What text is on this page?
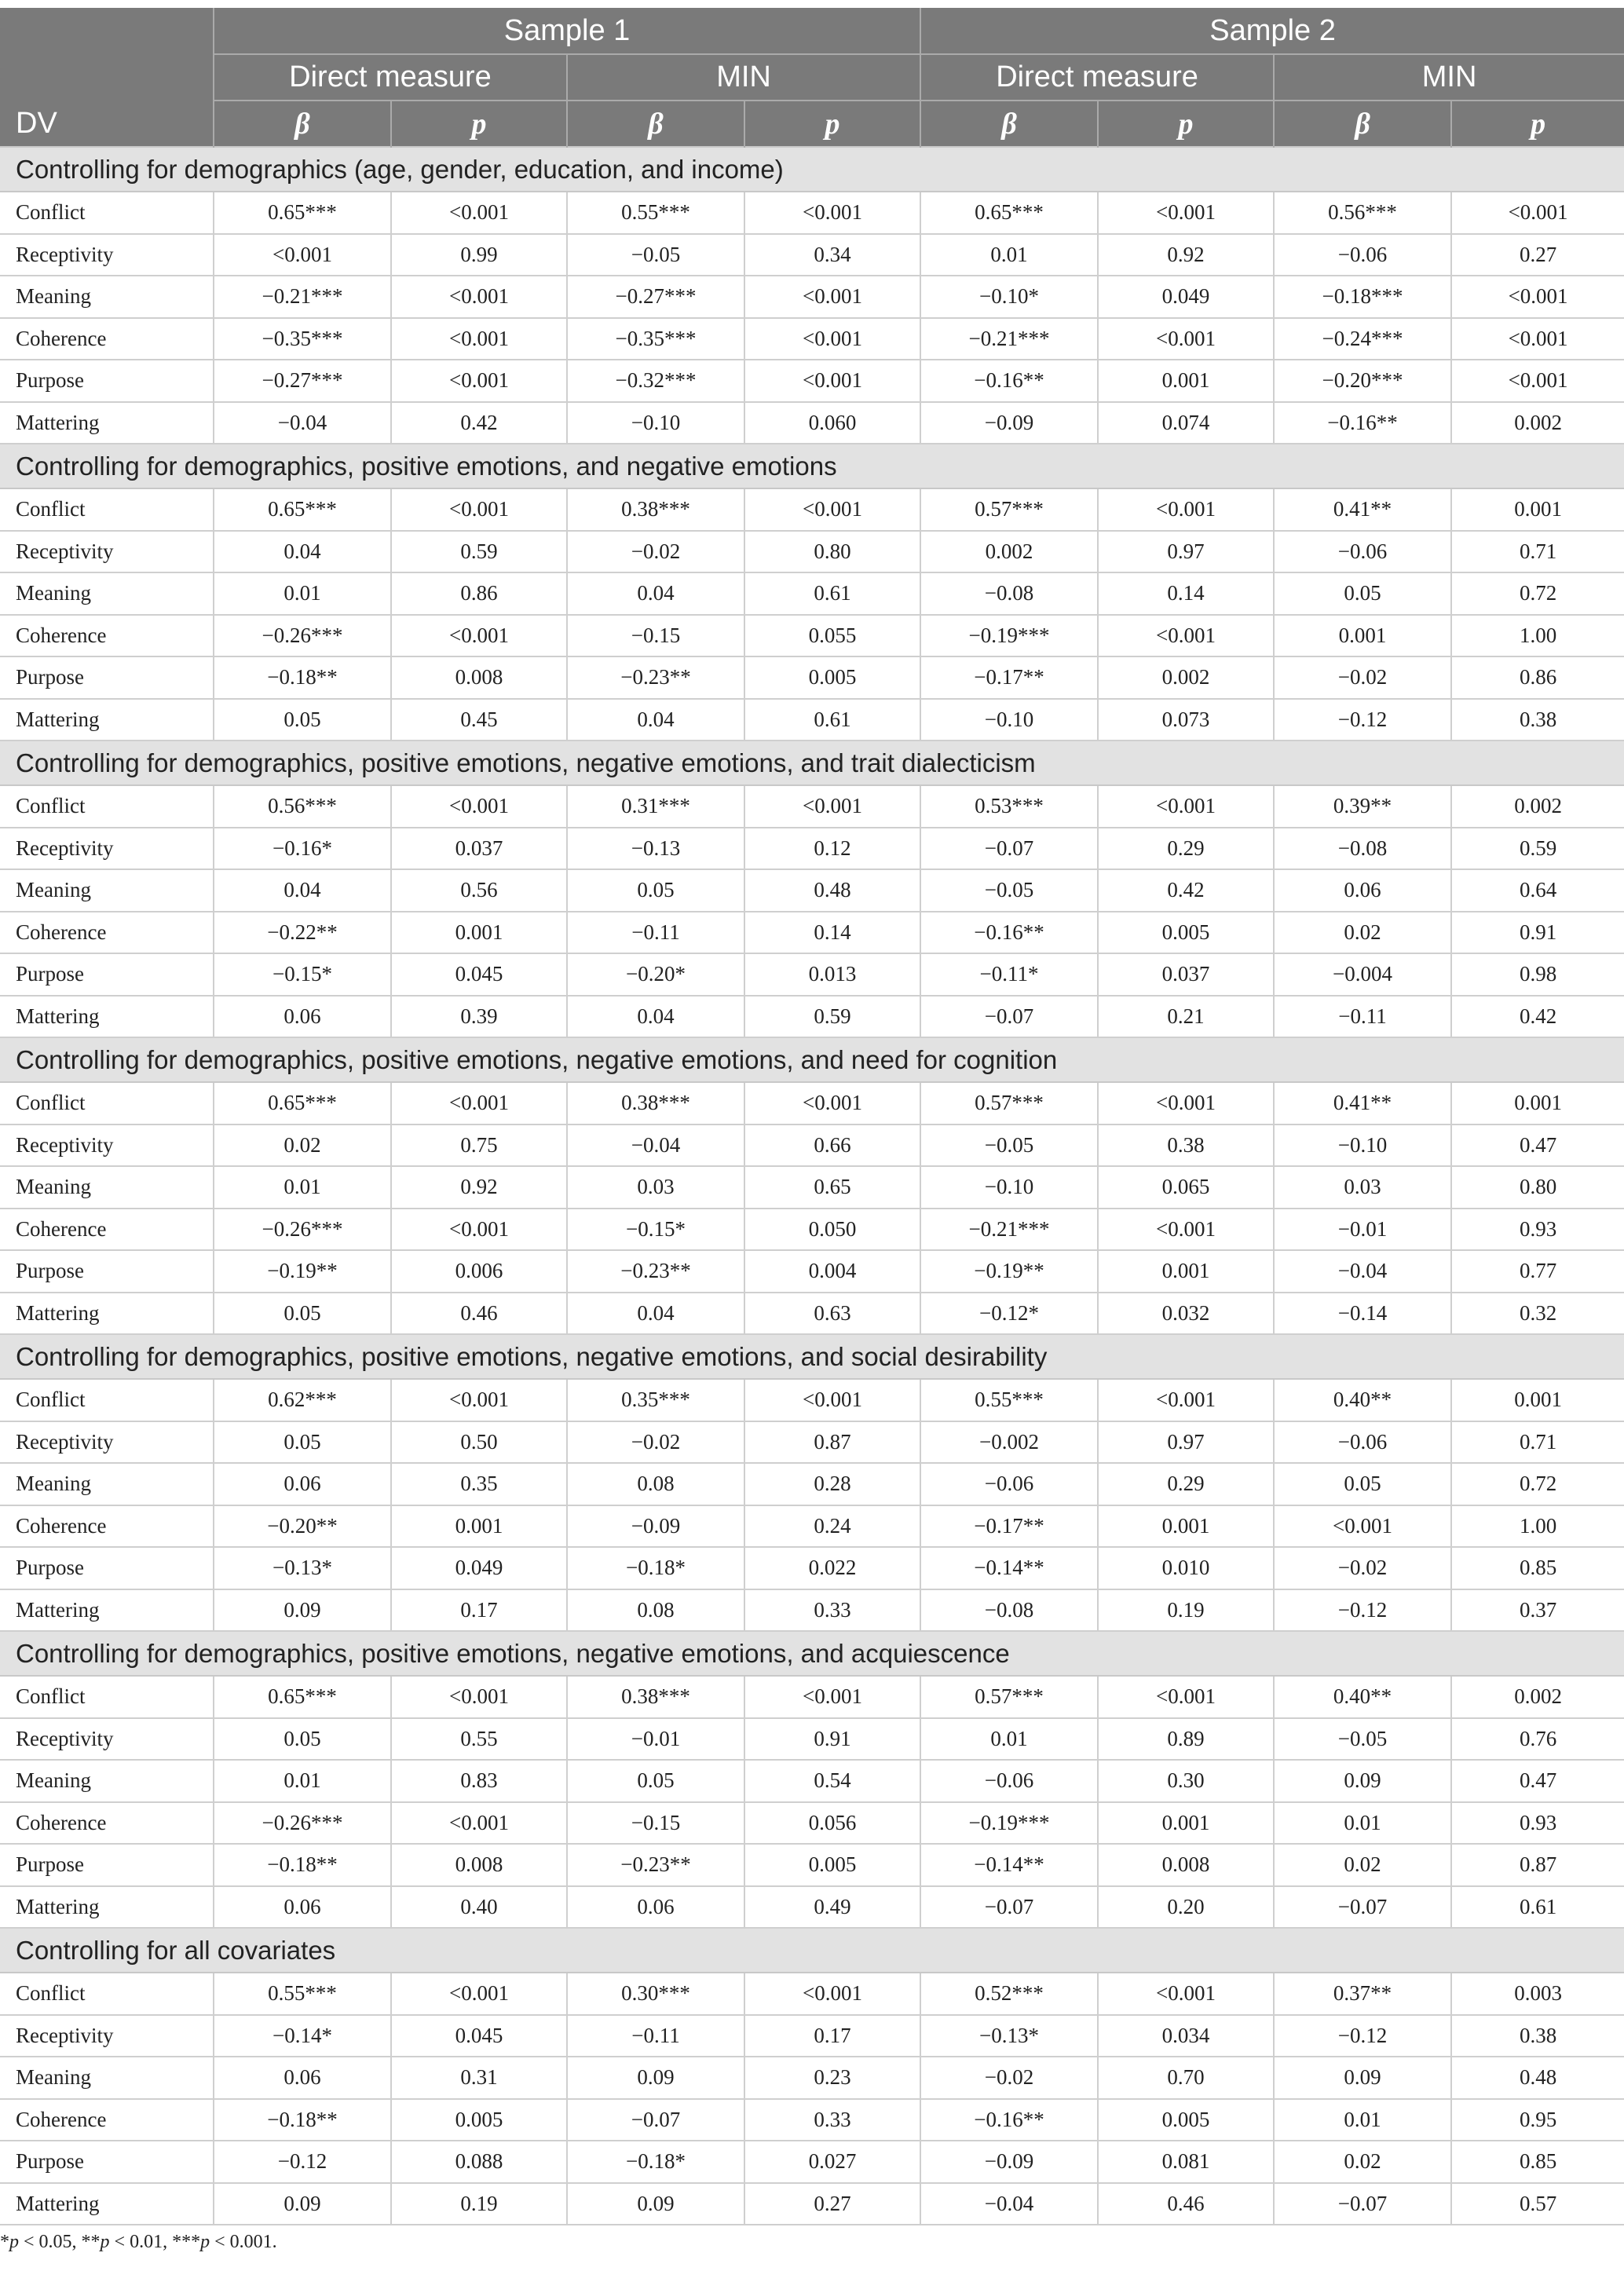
	Sample 1				Sample 2			
	Direct measure		MIN		Direct measure		MIN	
DV	β	p	β	p	β	p	β	p
Controlling for demographics (age, gender, education, and income)								
Conflict	0.65***	<0.001	0.55***	<0.001	0.65***	<0.001	0.56***	<0.001
Receptivity	<0.001	0.99	−0.05	0.34	0.01	0.92	−0.06	0.27
Meaning	−0.21***	<0.001	−0.27***	<0.001	−0.10*	0.049	−0.18***	<0.001
Coherence	−0.35***	<0.001	−0.35***	<0.001	−0.21***	<0.001	−0.24***	<0.001
Purpose	−0.27***	<0.001	−0.32***	<0.001	−0.16**	0.001	−0.20***	<0.001
Mattering	−0.04	0.42	−0.10	0.060	−0.09	0.074	−0.16**	0.002
Controlling for demographics, positive emotions, and negative emotions								
Conflict	0.65***	<0.001	0.38***	<0.001	0.57***	<0.001	0.41**	0.001
Receptivity	0.04	0.59	−0.02	0.80	0.002	0.97	−0.06	0.71
Meaning	0.01	0.86	0.04	0.61	−0.08	0.14	0.05	0.72
Coherence	−0.26***	<0.001	−0.15	0.055	−0.19***	<0.001	0.001	1.00
Purpose	−0.18**	0.008	−0.23**	0.005	−0.17**	0.002	−0.02	0.86
Mattering	0.05	0.45	0.04	0.61	−0.10	0.073	−0.12	0.38
Controlling for demographics, positive emotions, negative emotions, and trait dialecticism								
Conflict	0.56***	<0.001	0.31***	<0.001	0.53***	<0.001	0.39**	0.002
Receptivity	−0.16*	0.037	−0.13	0.12	−0.07	0.29	−0.08	0.59
Meaning	0.04	0.56	0.05	0.48	−0.05	0.42	0.06	0.64
Coherence	−0.22**	0.001	−0.11	0.14	−0.16**	0.005	0.02	0.91
Purpose	−0.15*	0.045	−0.20*	0.013	−0.11*	0.037	−0.004	0.98
Mattering	0.06	0.39	0.04	0.59	−0.07	0.21	−0.11	0.42
Controlling for demographics, positive emotions, negative emotions, and need for cognition								
Conflict	0.65***	<0.001	0.38***	<0.001	0.57***	<0.001	0.41**	0.001
Receptivity	0.02	0.75	−0.04	0.66	−0.05	0.38	−0.10	0.47
Meaning	0.01	0.92	0.03	0.65	−0.10	0.065	0.03	0.80
Coherence	−0.26***	<0.001	−0.15*	0.050	−0.21***	<0.001	−0.01	0.93
Purpose	−0.19**	0.006	−0.23**	0.004	−0.19**	0.001	−0.04	0.77
Mattering	0.05	0.46	0.04	0.63	−0.12*	0.032	−0.14	0.32
Controlling for demographics, positive emotions, negative emotions, and social desirability								
Conflict	0.62***	<0.001	0.35***	<0.001	0.55***	<0.001	0.40**	0.001
Receptivity	0.05	0.50	−0.02	0.87	−0.002	0.97	−0.06	0.71
Meaning	0.06	0.35	0.08	0.28	−0.06	0.29	0.05	0.72
Coherence	−0.20**	0.001	−0.09	0.24	−0.17**	0.001	<0.001	1.00
Purpose	−0.13*	0.049	−0.18*	0.022	−0.14**	0.010	−0.02	0.85
Mattering	0.09	0.17	0.08	0.33	−0.08	0.19	−0.12	0.37
Controlling for demographics, positive emotions, negative emotions, and acquiescence								
Conflict	0.65***	<0.001	0.38***	<0.001	0.57***	<0.001	0.40**	0.002
Receptivity	0.05	0.55	−0.01	0.91	0.01	0.89	−0.05	0.76
Meaning	0.01	0.83	0.05	0.54	−0.06	0.30	0.09	0.47
Coherence	−0.26***	<0.001	−0.15	0.056	−0.19***	0.001	0.01	0.93
Purpose	−0.18**	0.008	−0.23**	0.005	−0.14**	0.008	0.02	0.87
Mattering	0.06	0.40	0.06	0.49	−0.07	0.20	−0.07	0.61
Controlling for all covariates								
Conflict	0.55***	<0.001	0.30***	<0.001	0.52***	<0.001	0.37**	0.003
Receptivity	−0.14*	0.045	−0.11	0.17	−0.13*	0.034	−0.12	0.38
Meaning	0.06	0.31	0.09	0.23	−0.02	0.70	0.09	0.48
Coherence	−0.18**	0.005	−0.07	0.33	−0.16**	0.005	0.01	0.95
Purpose	−0.12	0.088	−0.18*	0.027	−0.09	0.081	0.02	0.85
Mattering	0.09	0.19	0.09	0.27	−0.04	0.46	−0.07	0.57
*p < 0.05, **p < 0.01, ***p < 0.001.
